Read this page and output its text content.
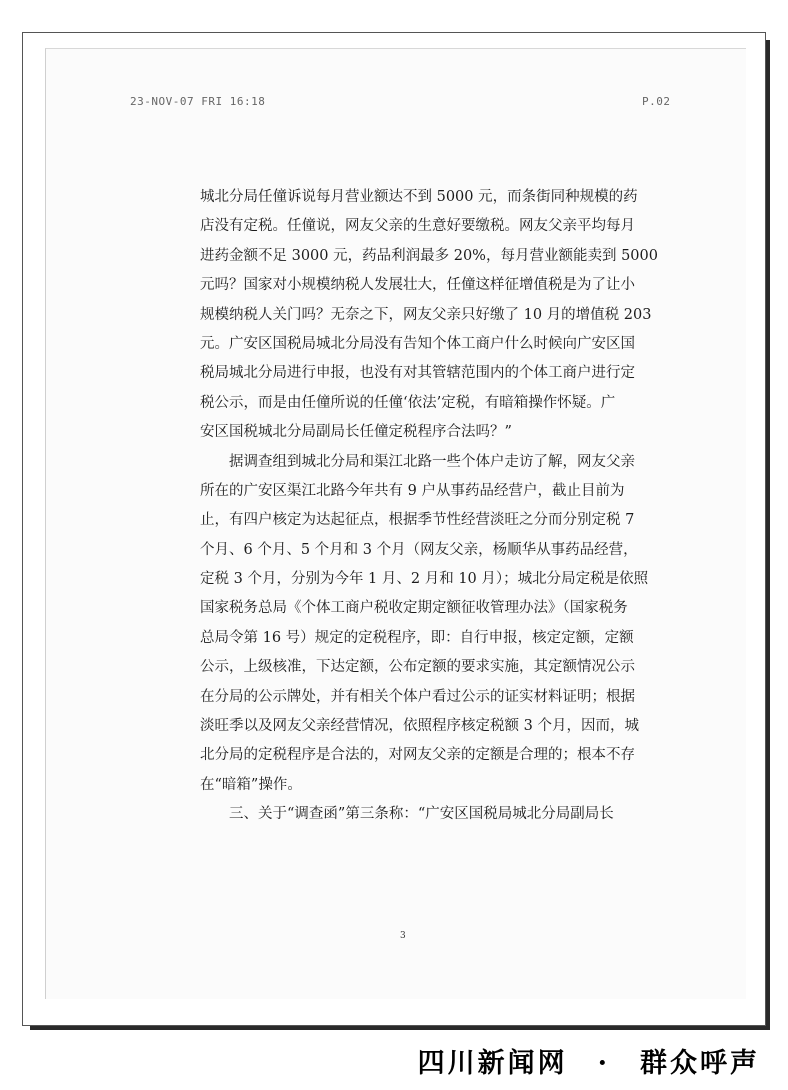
23-NOV-07 FRI 16:18	P.02
城北分局任僮诉说每月营业额达不到 5000 元，而条街同种规模的药
店没有定税。任僮说，网友父亲的生意好要缴税。网友父亲平均每月
进药金额不足 3000 元，药品利润最多 20%，每月营业额能卖到 5000
元吗？国家对小规模纳税人发展壮大，任僮这样征增值税是为了让小
规模纳税人关门吗？无奈之下，网友父亲只好缴了 10 月的增值税 203
元。广安区国税局城北分局没有告知个体工商户什么时候向广安区国
税局城北分局进行申报，也没有对其管辖范围内的个体工商户进行定
税公示，而是由任僮所说的任僮‘依法’定税，有暗箱操作怀疑。广
安区国税城北分局副局长任僮定税程序合法吗？”
　　据调查组到城北分局和渠江北路一些个体户走访了解，网友父亲
所在的广安区渠江北路今年共有 9 户从事药品经营户，截止目前为
止，有四户核定为达起征点，根据季节性经营淡旺之分而分别定税 7
个月、6 个月、5 个月和 3 个月（网友父亲，杨顺华从事药品经营，
定税 3 个月，分别为今年 1 月、2 月和 10 月）；城北分局定税是依照
国家税务总局《个体工商户税收定期定额征收管理办法》（国家税务
总局令第 16 号）规定的定税程序，即：自行申报，核定定额，定额
公示，上级核准，下达定额，公布定额的要求实施，其定额情况公示
在分局的公示牌处，并有相关个体户看过公示的证实材料证明；根据
淡旺季以及网友父亲经营情况，依照程序核定税额 3 个月，因而，城
北分局的定税程序是合法的，对网友父亲的定额是合理的；根本不存
在“暗箱”操作。
　　三、关于“调查函”第三条称：“广安区国税局城北分局副局长
3
四川新闻网　·　群众呼声
